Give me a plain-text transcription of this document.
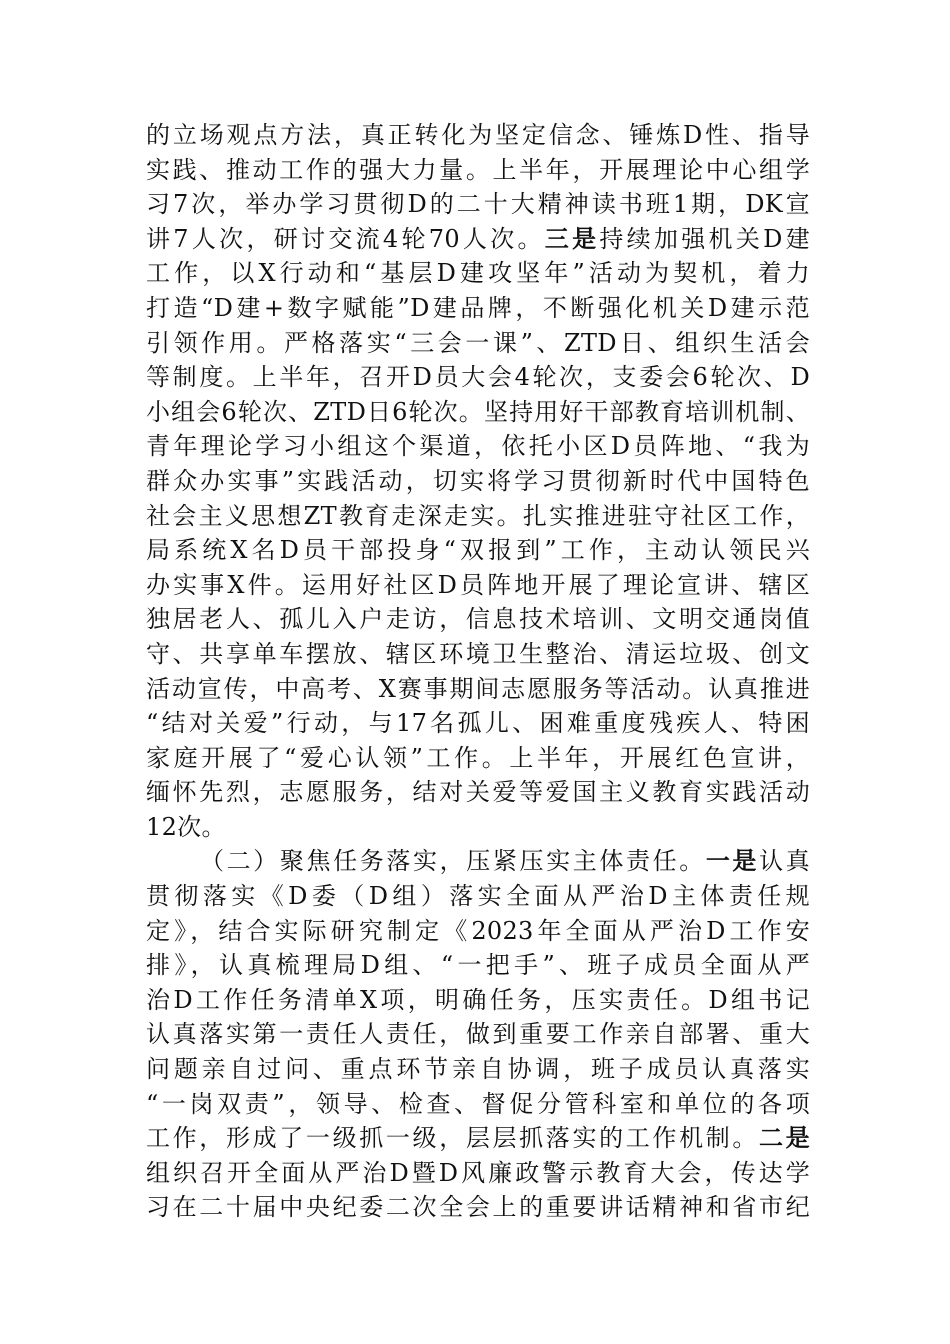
的立场观点方法，真正转化为坚定信念、锤炼D性、指导
实践、推动工作的强大力量。上半年，开展理论中心组学
习7次，举办学习贯彻D的二十大精神读书班1期，DK宣
讲7人次，研讨交流4轮70人次。三是持续加强机关D建
工作，以X行动和“基层D建攻坚年”活动为契机，着力
打造“D建+数字赋能”D建品牌，不断强化机关D建示范
引领作用。严格落实“三会一课”、ZTD日、组织生活会
等制度。上半年，召开D员大会4轮次，支委会6轮次、D
小组会6轮次、ZTD日6轮次。坚持用好干部教育培训机制、
青年理论学习小组这个渠道，依托小区D员阵地、“我为
群众办实事”实践活动，切实将学习贯彻新时代中国特色
社会主义思想ZT教育走深走实。扎实推进驻守社区工作，
局系统X名D员干部投身“双报到”工作，主动认领民兴
办实事X件。运用好社区D员阵地开展了理论宣讲、辖区
独居老人、孤儿入户走访，信息技术培训、文明交通岗值
守、共享单车摆放、辖区环境卫生整治、清运垃圾、创文
活动宣传，中高考、X赛事期间志愿服务等活动。认真推进
“结对关爱”行动，与17名孤儿、困难重度残疾人、特困
家庭开展了“爱心认领”工作。上半年，开展红色宣讲，
缅怀先烈，志愿服务，结对关爱等爱国主义教育实践活动
12次。
（二）聚焦任务落实，压紧压实主体责任。一是认真
贯彻落实《D委（D组）落实全面从严治D主体责任规
定》，结合实际研究制定《2023年全面从严治D工作安
排》，认真梳理局D组、“一把手”、班子成员全面从严
治D工作任务清单X项，明确任务，压实责任。D组书记
认真落实第一责任人责任，做到重要工作亲自部署、重大
问题亲自过问、重点环节亲自协调，班子成员认真落实
“一岗双责”，领导、检查、督促分管科室和单位的各项
工作，形成了一级抓一级，层层抓落实的工作机制。二是
组织召开全面从严治D暨D风廉政警示教育大会，传达学
习在二十届中央纪委二次全会上的重要讲话精神和省市纪
